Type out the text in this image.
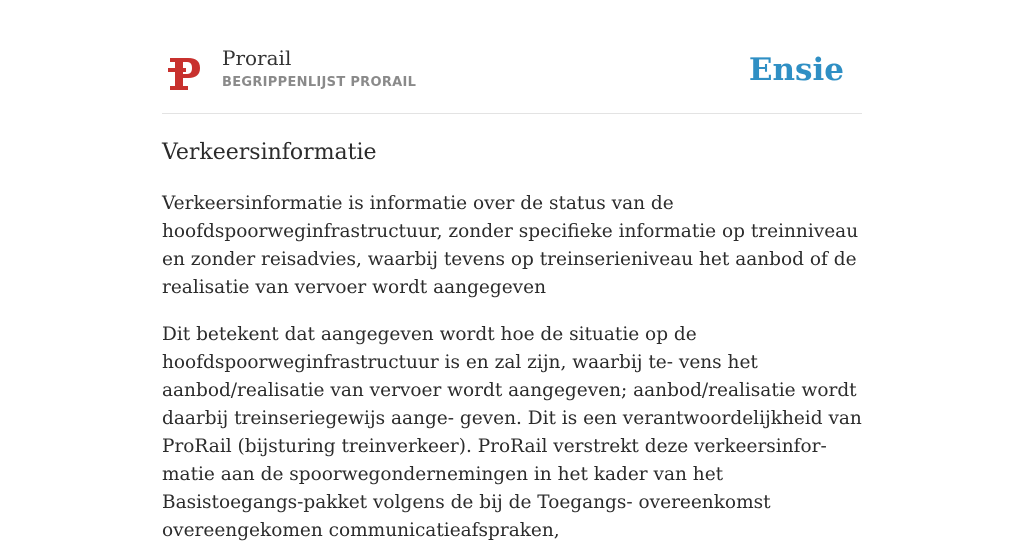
Prorail
BEGRIPPENLIJST PRORAIL	Ensie
Verkeersinformatie

Verkeersinformatie is informatie over de status van de hoofdspoorweginfrastructuur, zonder specifieke informatie op treinniveau en zonder reisadvies, waarbij tevens op treinserieniveau het aanbod of de realisatie van vervoer wordt aangegeven

Dit betekent dat aangegeven wordt hoe de situatie op de hoofdspoorweginfrastructuur is en zal zijn, waarbij te- vens het aanbod/realisatie van vervoer wordt aangegeven; aanbod/realisatie wordt daarbij treinseriegewijs aange- geven. Dit is een verantwoordelijkheid van ProRail (bijsturing treinverkeer). ProRail verstrekt deze verkeersinfor- matie aan de spoorwegondernemingen in het kader van het Basistoegangs-pakket volgens de bij de Toegangs- overeenkomst overeengekomen communicatieafspraken,
